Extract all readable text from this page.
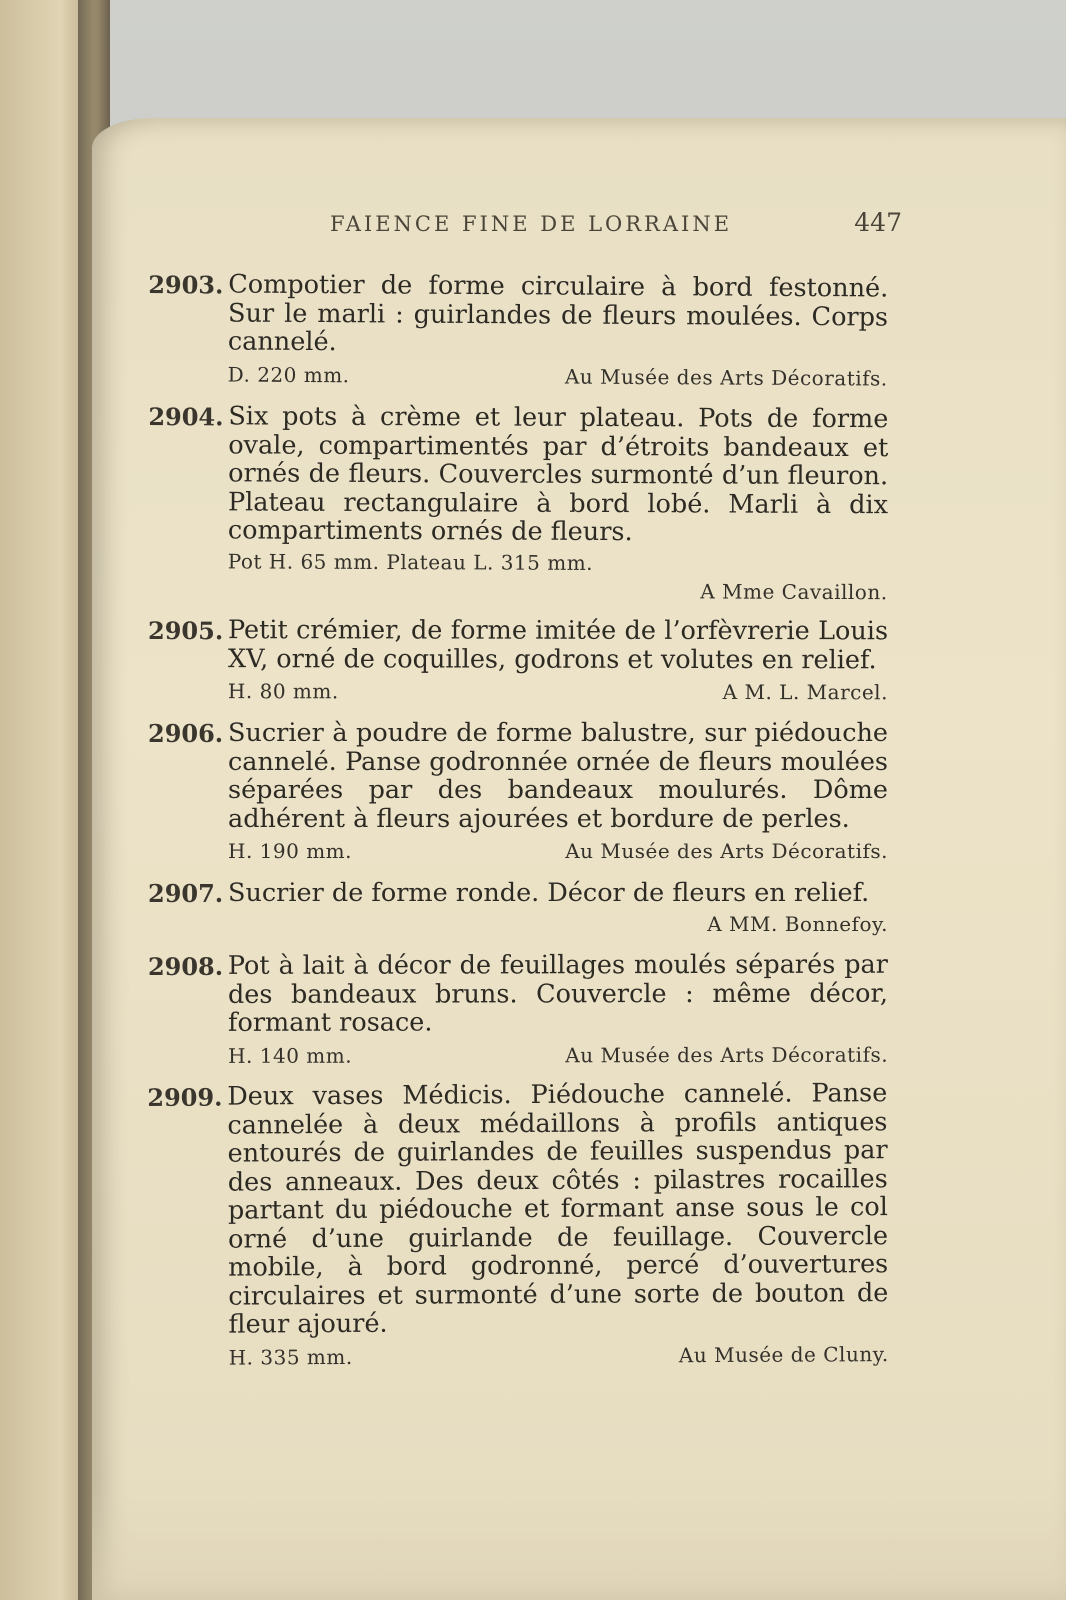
FAIENCE FINE DE LORRAINE	447
2903. Compotier de forme circulaire à bord festonné. Sur le marli : guirlandes de fleurs moulées. Corps cannelé.
D. 220 mm.	Au Musée des Arts Décoratifs.
2904. Six pots à crème et leur plateau. Pots de forme ovale, compartimentés par d’étroits bandeaux et ornés de fleurs. Couvercles surmonté d’un fleuron. Plateau rectangulaire à bord lobé. Marli à dix compartiments ornés de fleurs.
Pot H. 65 mm. Plateau L. 315 mm.
A Mme Cavaillon.
2905. Petit crémier, de forme imitée de l’orfèvrerie Louis XV, orné de coquilles, godrons et volutes en relief.
H. 80 mm.	A M. L. Marcel.
2906. Sucrier à poudre de forme balustre, sur piédouche cannelé. Panse godronnée ornée de fleurs moulées séparées par des bandeaux moulurés. Dôme adhérent à fleurs ajourées et bordure de perles.
H. 190 mm.	Au Musée des Arts Décoratifs.
2907. Sucrier de forme ronde. Décor de fleurs en relief.
A MM. Bonnefoy.
2908. Pot à lait à décor de feuillages moulés séparés par des bandeaux bruns. Couvercle : même décor, formant rosace.
H. 140 mm.	Au Musée des Arts Décoratifs.
2909. Deux vases Médicis. Piédouche cannelé. Panse cannelée à deux médaillons à profils antiques entourés de guirlandes de feuilles suspendus par des anneaux. Des deux côtés : pilastres rocailles partant du piédouche et formant anse sous le col orné d’une guirlande de feuillage. Couvercle mobile, à bord godronné, percé d’ouvertures circulaires et surmonté d’une sorte de bouton de fleur ajouré.
H. 335 mm.	Au Musée de Cluny.
